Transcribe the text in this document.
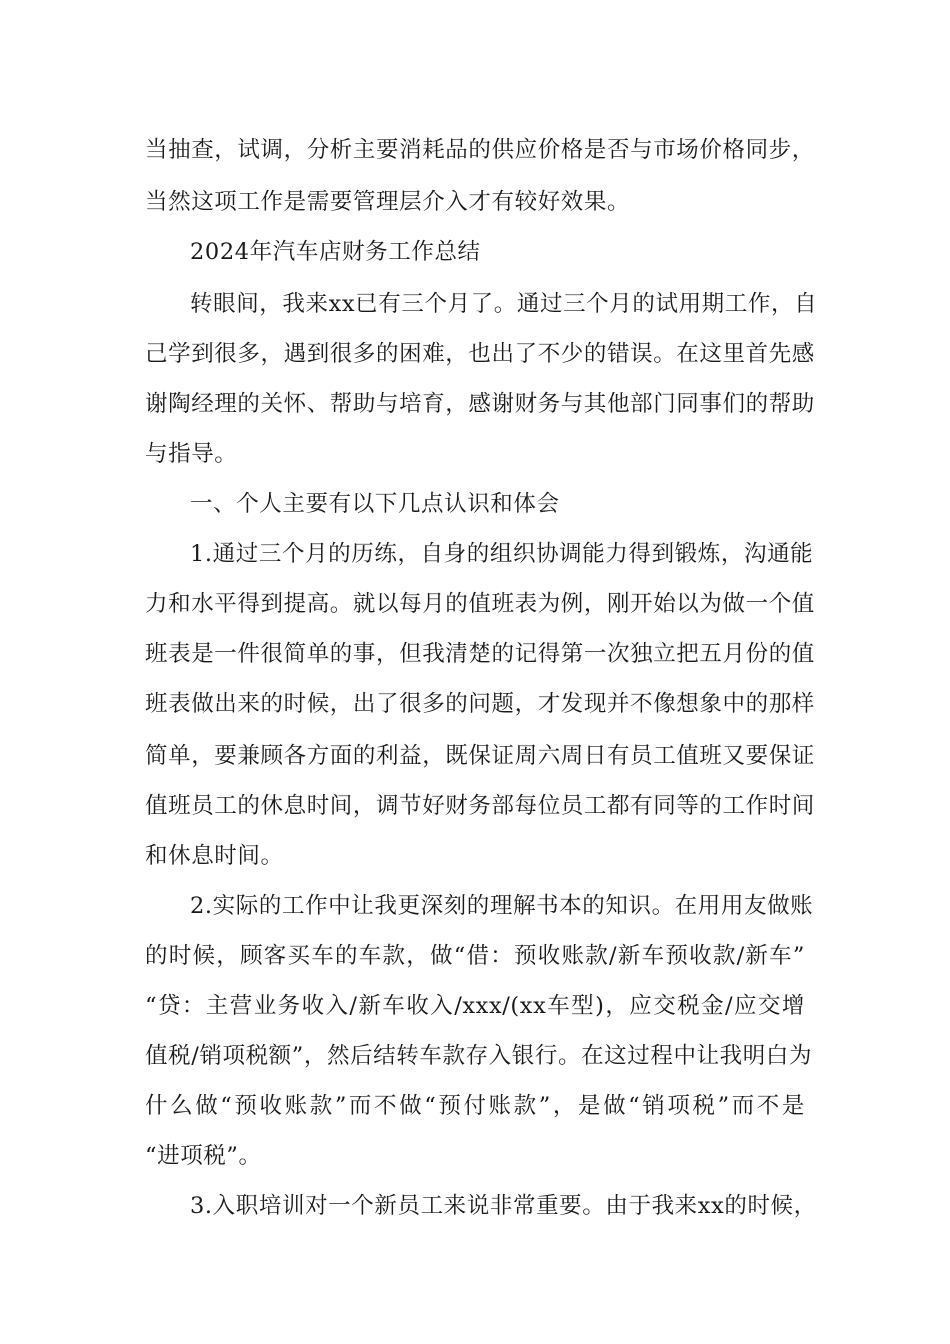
当抽查，试调，分析主要消耗品的供应价格是否与市场价格同步，
当然这项工作是需要管理层介入才有较好效果。
2024年汽车店财务工作总结
转眼间，我来xx已有三个月了。通过三个月的试用期工作，自
己学到很多，遇到很多的困难，也出了不少的错误。在这里首先感
谢陶经理的关怀、帮助与培育，感谢财务与其他部门同事们的帮助
与指导。
一、个人主要有以下几点认识和体会
1.通过三个月的历练，自身的组织协调能力得到锻炼，沟通能
力和水平得到提高。就以每月的值班表为例，刚开始以为做一个值
班表是一件很简单的事，但我清楚的记得第一次独立把五月份的值
班表做出来的时候，出了很多的问题，才发现并不像想象中的那样
简单，要兼顾各方面的利益，既保证周六周日有员工值班又要保证
值班员工的休息时间，调节好财务部每位员工都有同等的工作时间
和休息时间。
2.实际的工作中让我更深刻的理解书本的知识。在用用友做账
的时候，顾客买车的车款，做“借：预收账款/新车预收款/新车”
“贷：主营业务收入/新车收入/xxx/(xx车型)，应交税金/应交增
值税/销项税额”，然后结转车款存入银行。在这过程中让我明白为
什么做“预收账款”而不做“预付账款”，是做“销项税”而不是
“进项税”。
3.入职培训对一个新员工来说非常重要。由于我来xx的时候，
